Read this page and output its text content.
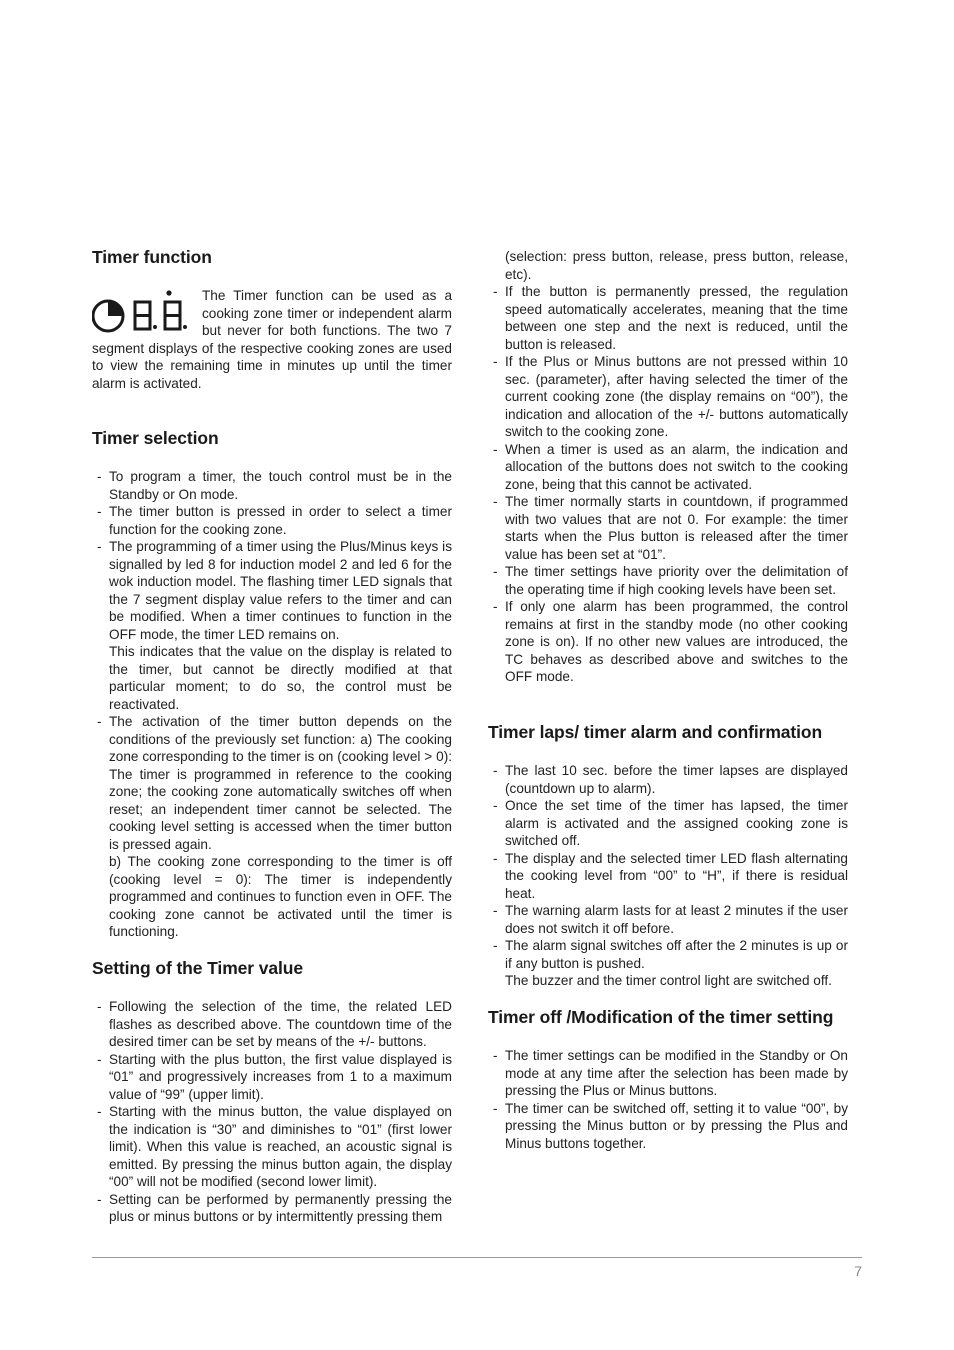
Timer function

The Timer function can be used as a cooking zone timer or independent alarm but never for both functions. The two 7 segment displays of the respective cooking zones are used to view the remaining time in minutes up until the timer alarm is activated.

Timer selection
- To program a timer, the touch control must be in the Standby or On mode.
- The timer button is pressed in order to select a timer function for the cooking zone.
- The programming of a timer using the Plus/Minus keys is signalled by led 8 for induction model 2 and led 6 for the wok induction model. The flashing timer LED signals that the 7 segment display value refers to the timer and can be modified. When a timer continues to function in the OFF mode, the timer LED remains on.
This indicates that the value on the display is related to the timer, but cannot be directly modified at that particular moment; to do so, the control must be reactivated.
- The activation of the timer button depends on the conditions of the previously set function: a) The cooking zone corresponding to the timer is on (cooking level > 0): The timer is programmed in reference to the cooking zone; the cooking zone automatically switches off when reset; an independent timer cannot be selected. The cooking level setting is accessed when the timer button is pressed again.
b) The cooking zone corresponding to the timer is off (cooking level = 0): The timer is independently programmed and continues to function even in OFF. The cooking zone cannot be activated until the timer is functioning.
Setting of the Timer value
- Following the selection of the time, the related LED flashes as described above. The countdown time of the desired timer can be set by means of the +/- buttons.
- Starting with the plus button, the first value displayed is “01” and progressively increases from 1 to a maximum value of “99” (upper limit).
- Starting with the minus button, the value displayed on the indication is “30” and diminishes to “01” (first lower limit). When this value is reached, an acoustic signal is emitted. By pressing the minus button again, the display “00” will not be modified (second lower limit).
- Setting can be performed by permanently pressing the plus or minus buttons or by intermittently pressing them

(selection: press button, release, press button, release, etc).

- If the button is permanently pressed, the regulation speed automatically accelerates, meaning that the time between one step and the next is reduced, until the button is released.
- If the Plus or Minus buttons are not pressed within 10 sec. (parameter), after having selected the timer of the current cooking zone (the display remains on “00”), the indication and allocation of the +/- buttons automatically switch to the cooking zone.
- When a timer is used as an alarm, the indication and allocation of the buttons does not switch to the cooking zone, being that this cannot be activated.
- The timer normally starts in countdown, if programmed with two values that are not 0. For example: the timer starts when the Plus button is released after the timer value has been set at “01”.
- The timer settings have priority over the delimitation of the operating time if high cooking levels have been set.
- If only one alarm has been programmed, the control remains at first in the standby mode (no other cooking zone is on). If no other new values are introduced, the TC behaves as described above and switches to the OFF mode.
Timer laps/ timer alarm and confirmation
- The last 10 sec. before the timer lapses are displayed (countdown up to alarm).
- Once the set time of the timer has lapsed, the timer alarm is activated and the assigned cooking zone is switched off.
- The display and the selected timer LED flash alternating the cooking level from “00” to “H”, if there is residual heat.
- The warning alarm lasts for at least 2 minutes if the user does not switch it off before.
- The alarm signal switches off after the 2 minutes is up or if any button is pushed.
The buzzer and the timer control light are switched off.
Timer off /Modification of the timer setting
- The timer settings can be modified in the Standby or On mode at any time after the selection has been made by pressing the Plus or Minus buttons.
- The timer can be switched off, setting it to value “00”, by pressing the Minus button or by pressing the Plus and Minus buttons together.
7
